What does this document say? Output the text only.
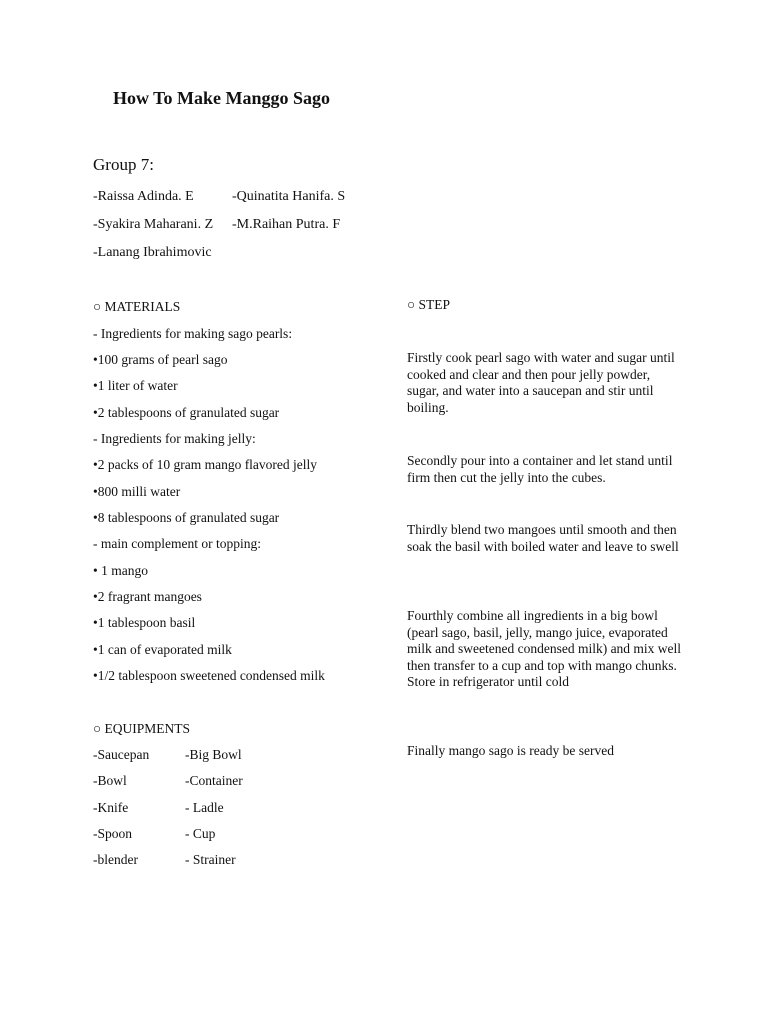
How To Make Manggo Sago
Group 7:
-Raissa Adinda. E	-Quinatita Hanifa. S
-Syakira Maharani. Z -M.Raihan Putra. F
-Lanang Ibrahimovic
○ MATERIALS
- Ingredients for making sago pearls:
•100 grams of pearl sago
•1 liter of water
•2 tablespoons of granulated sugar
- Ingredients for making jelly:
•2 packs of 10 gram mango flavored jelly
•800 milli water
•8 tablespoons of granulated sugar
- main complement or topping:
• 1 mango
•2 fragrant mangoes
•1 tablespoon basil
•1 can of evaporated milk
•1/2 tablespoon sweetened condensed milk
○ EQUIPMENTS
-Saucepan	-Big Bowl
-Bowl	-Container
-Knife	- Ladle
-Spoon	- Cup
-blender	- Strainer
○ STEP
Firstly cook pearl sago with water and sugar until cooked and clear and then pour jelly powder, sugar, and water into a saucepan and stir until boiling.
Secondly pour into a container and let stand until firm then cut the jelly into the cubes.
Thirdly blend two mangoes until smooth and then soak the basil with boiled water and leave to swell
Fourthly combine all ingredients in a big bowl (pearl sago, basil, jelly, mango juice, evaporated milk and sweetened condensed milk) and mix well then transfer to a cup and top with mango chunks. Store in refrigerator until cold
Finally mango sago is ready be served
